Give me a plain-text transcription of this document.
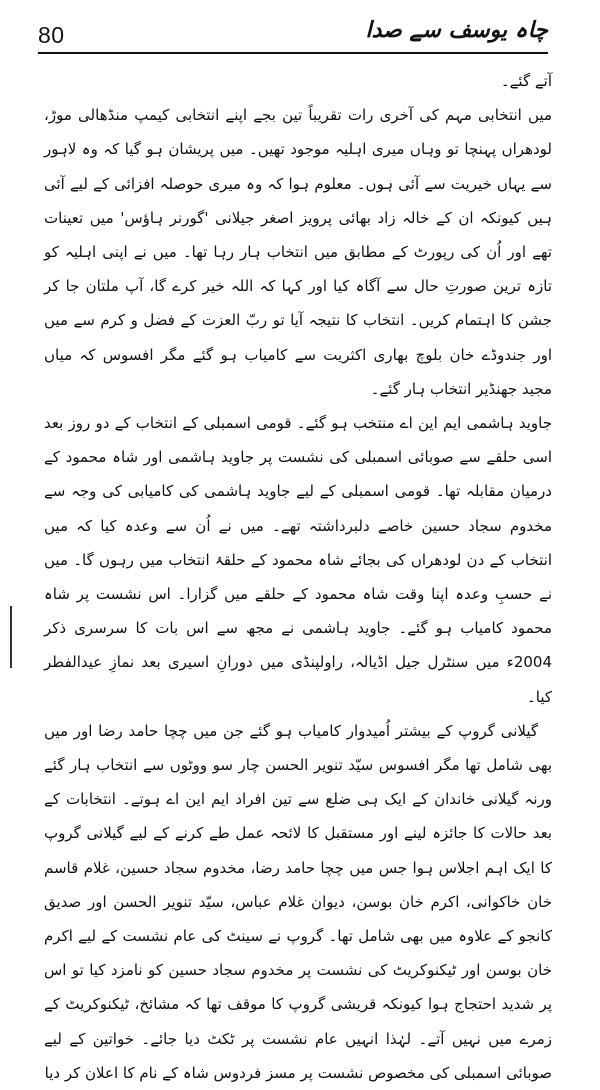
80	چاہ یوسف سے صدا

آتے گئے۔

میں انتخابی مہم کی آخری رات تقریباً تین بجے اپنے انتخابی کیمپ منڈھالی موڑ، لودھراں پہنچا تو وہاں میری اہلیہ موجود تھیں۔ میں پریشان ہو گیا کہ وہ لاہور سے یہاں خیریت سے آئی ہوں۔ معلوم ہوا کہ وہ میری حوصلہ افزائی کے لیے آئی ہیں کیونکہ ان کے خالہ زاد بھائی پرویز اصغر جیلانی 'گورنر ہاؤس' میں تعینات تھے اور اُن کی رپورٹ کے مطابق میں انتخاب ہار رہا تھا۔ میں نے اپنی اہلیہ کو تازہ ترین صورتِ حال سے آگاہ کیا اور کہا کہ اللہ خیر کرے گا، آپ ملتان جا کر جشن کا اہتمام کریں۔ انتخاب کا نتیجہ آیا تو ربّ العزت کے فضل و کرم سے میں اور جندوڈے خان بلوچ بھاری اکثریت سے کامیاب ہو گئے مگر افسوس کہ میاں مجید جھنڈیر انتخاب ہار گئے۔

جاوید ہاشمی ایم این اے منتخب ہو گئے۔ قومی اسمبلی کے انتخاب کے دو روز بعد اسی حلقے سے صوبائی اسمبلی کی نشست پر جاوید ہاشمی اور شاہ محمود کے درمیان مقابلہ تھا۔ قومی اسمبلی کے لیے جاوید ہاشمی کی کامیابی کی وجہ سے مخدوم سجاد حسین خاصے دلبرداشتہ تھے۔ میں نے اُن سے وعدہ کیا کہ میں انتخاب کے دن لودھراں کی بجائے شاہ محمود کے حلقۂ انتخاب میں رہوں گا۔ میں نے حسبِ وعدہ اپنا وقت شاہ محمود کے حلقے میں گزارا۔ اس نشست پر شاہ محمود کامیاب ہو گئے۔ جاوید ہاشمی نے مجھ سے اس بات کا سرسری ذکر 2004ء میں سنٹرل جیل اڈیالہ، راولپنڈی میں دورانِ اسیری بعد نمازِ عیدالفطر کیا۔

گیلانی گروپ کے بیشتر اُمیدوار کامیاب ہو گئے جن میں چچا حامد رضا اور میں بھی شامل تھا مگر افسوس سیّد تنویر الحسن چار سو ووٹوں سے انتخاب ہار گئے ورنہ گیلانی خاندان کے ایک ہی ضلع سے تین افراد ایم این اے ہوتے۔ انتخابات کے بعد حالات کا جائزہ لینے اور مستقبل کا لائحہ عمل طے کرنے کے لیے گیلانی گروپ کا ایک اہم اجلاس ہوا جس میں چچا حامد رضا، مخدوم سجاد حسین، غلام قاسم خان خاکوانی، اکرم خان بوسن، دیوان غلام عباس، سیّد تنویر الحسن اور صدیق کانجو کے علاوہ میں بھی شامل تھا۔ گروپ نے سینٹ کی عام نشست کے لیے اکرم خان بوسن اور ٹیکنوکریٹ کی نشست پر مخدوم سجاد حسین کو نامزد کیا تو اس پر شدید احتجاج ہوا کیونکہ قریشی گروپ کا موقف تھا کہ مشائخ، ٹیکنوکریٹ کے زمرے میں نہیں آتے۔ لہٰذا انہیں عام نشست پر ٹکٹ دیا جائے۔ خواتین کے لیے صوبائی اسمبلی کی مخصوص نشست پر مسز فردوس شاہ کے نام کا اعلان کر دیا
